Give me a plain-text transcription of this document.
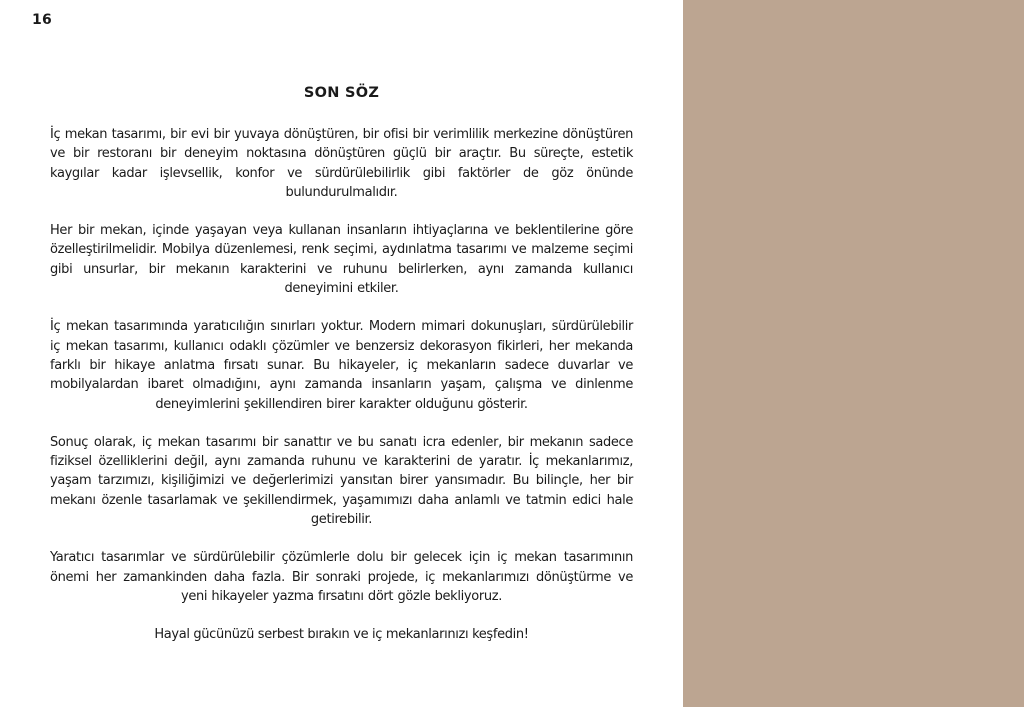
16
SON SÖZ

İç mekan tasarımı, bir evi bir yuvaya dönüştüren, bir ofisi bir verimlilik merkezine dönüştüren ve bir restoranı bir deneyim noktasına dönüştüren güçlü bir araçtır. Bu süreçte, estetik kaygılar kadar işlevsellik, konfor ve sürdürülebilirlik gibi faktörler de göz önünde bulundurulmalıdır.

Her bir mekan, içinde yaşayan veya kullanan insanların ihtiyaçlarına ve beklentilerine göre özelleştirilmelidir. Mobilya düzenlemesi, renk seçimi, aydınlatma tasarımı ve malzeme seçimi gibi unsurlar, bir mekanın karakterini ve ruhunu belirlerken, aynı zamanda kullanıcı deneyimini etkiler.

İç mekan tasarımında yaratıcılığın sınırları yoktur. Modern mimari dokunuşları, sürdürülebilir iç mekan tasarımı, kullanıcı odaklı çözümler ve benzersiz dekorasyon fikirleri, her mekanda farklı bir hikaye anlatma fırsatı sunar. Bu hikayeler, iç mekanların sadece duvarlar ve mobilyalardan ibaret olmadığını, aynı zamanda insanların yaşam, çalışma ve dinlenme deneyimlerini şekillendiren birer karakter olduğunu gösterir.

Sonuç olarak, iç mekan tasarımı bir sanattır ve bu sanatı icra edenler, bir mekanın sadece fiziksel özelliklerini değil, aynı zamanda ruhunu ve karakterini de yaratır. İç mekanlarımız, yaşam tarzımızı, kişiliğimizi ve değerlerimizi yansıtan birer yansımadır. Bu bilinçle, her bir mekanı özenle tasarlamak ve şekillendirmek, yaşamımızı daha anlamlı ve tatmin edici hale getirebilir.

Yaratıcı tasarımlar ve sürdürülebilir çözümlerle dolu bir gelecek için iç mekan tasarımının önemi her zamankinden daha fazla. Bir sonraki projede, iç mekanlarımızı dönüştürme ve yeni hikayeler yazma fırsatını dört gözle bekliyoruz.

Hayal gücünüzü serbest bırakın ve iç mekanlarınızı keşfedin!
